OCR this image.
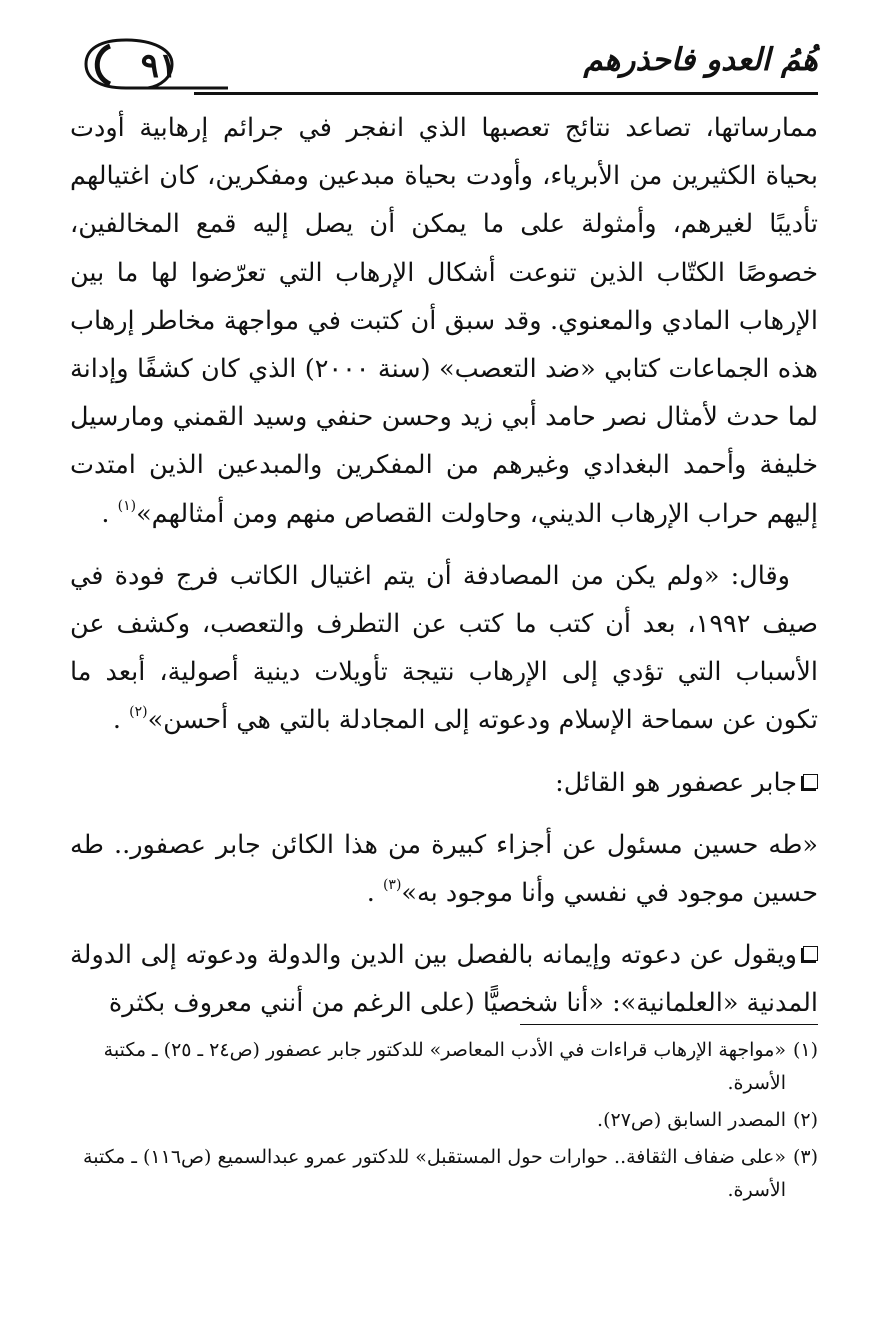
٩١	هُمُ العدو فاحذرهم

ممارساتها، تصاعد نتائج تعصبها الذي انفجر في جرائم إرهابية أودت بحياة الكثيرين من الأبرياء، وأودت بحياة مبدعين ومفكرين، كان اغتيالهم تأديبًا لغيرهم، وأمثولة على ما يمكن أن يصل إليه قمع المخالفين، خصوصًا الكتّاب الذين تنوعت أشكال الإرهاب التي تعرّضوا لها ما بين الإرهاب المادي والمعنوي. وقد سبق أن كتبت في مواجهة مخاطر إرهاب هذه الجماعات كتابي «ضد التعصب» (سنة ٢٠٠٠) الذي كان كشفًا وإدانة لما حدث لأمثال نصر حامد أبي زيد وحسن حنفي وسيد القمني ومارسيل خليفة وأحمد البغدادي وغيرهم من المفكرين والمبدعين الذين امتدت إليهم حراب الإرهاب الديني، وحاولت القصاص منهم ومن أمثالهم»$^{(١)}$ .

وقال: «ولم يكن من المصادفة أن يتم اغتيال الكاتب فرج فودة في صيف ١٩٩٢، بعد أن كتب ما كتب عن التطرف والتعصب، وكشف عن الأسباب التي تؤدي إلى الإرهاب نتيجة تأويلات دينية أصولية، أبعد ما تكون عن سماحة الإسلام ودعوته إلى المجادلة بالتي هي أحسن»$^{(٢)}$ .

جابر عصفور هو القائل:

«طه حسين مسئول عن أجزاء كبيرة من هذا الكائن جابر عصفور.. طه حسين موجود في نفسي وأنا موجود به»$^{(٣)}$ .

ويقول عن دعوته وإيمانه بالفصل بين الدين والدولة ودعوته إلى الدولة المدنية «العلمانية»: «أنا شخصيًّا (على الرغم من أنني معروف بكثرة

(١)
«مواجهة الإرهاب قراءات في الأدب المعاصر» للدكتور جابر عصفور (ص٢٤ ـ ٢٥) ـ مكتبة الأسرة.

(٢)
المصدر السابق (ص٢٧).

(٣)
«على ضفاف الثقافة.. حوارات حول المستقبل» للدكتور عمرو عبدالسميع (ص١١٦) ـ مكتبة الأسرة.
